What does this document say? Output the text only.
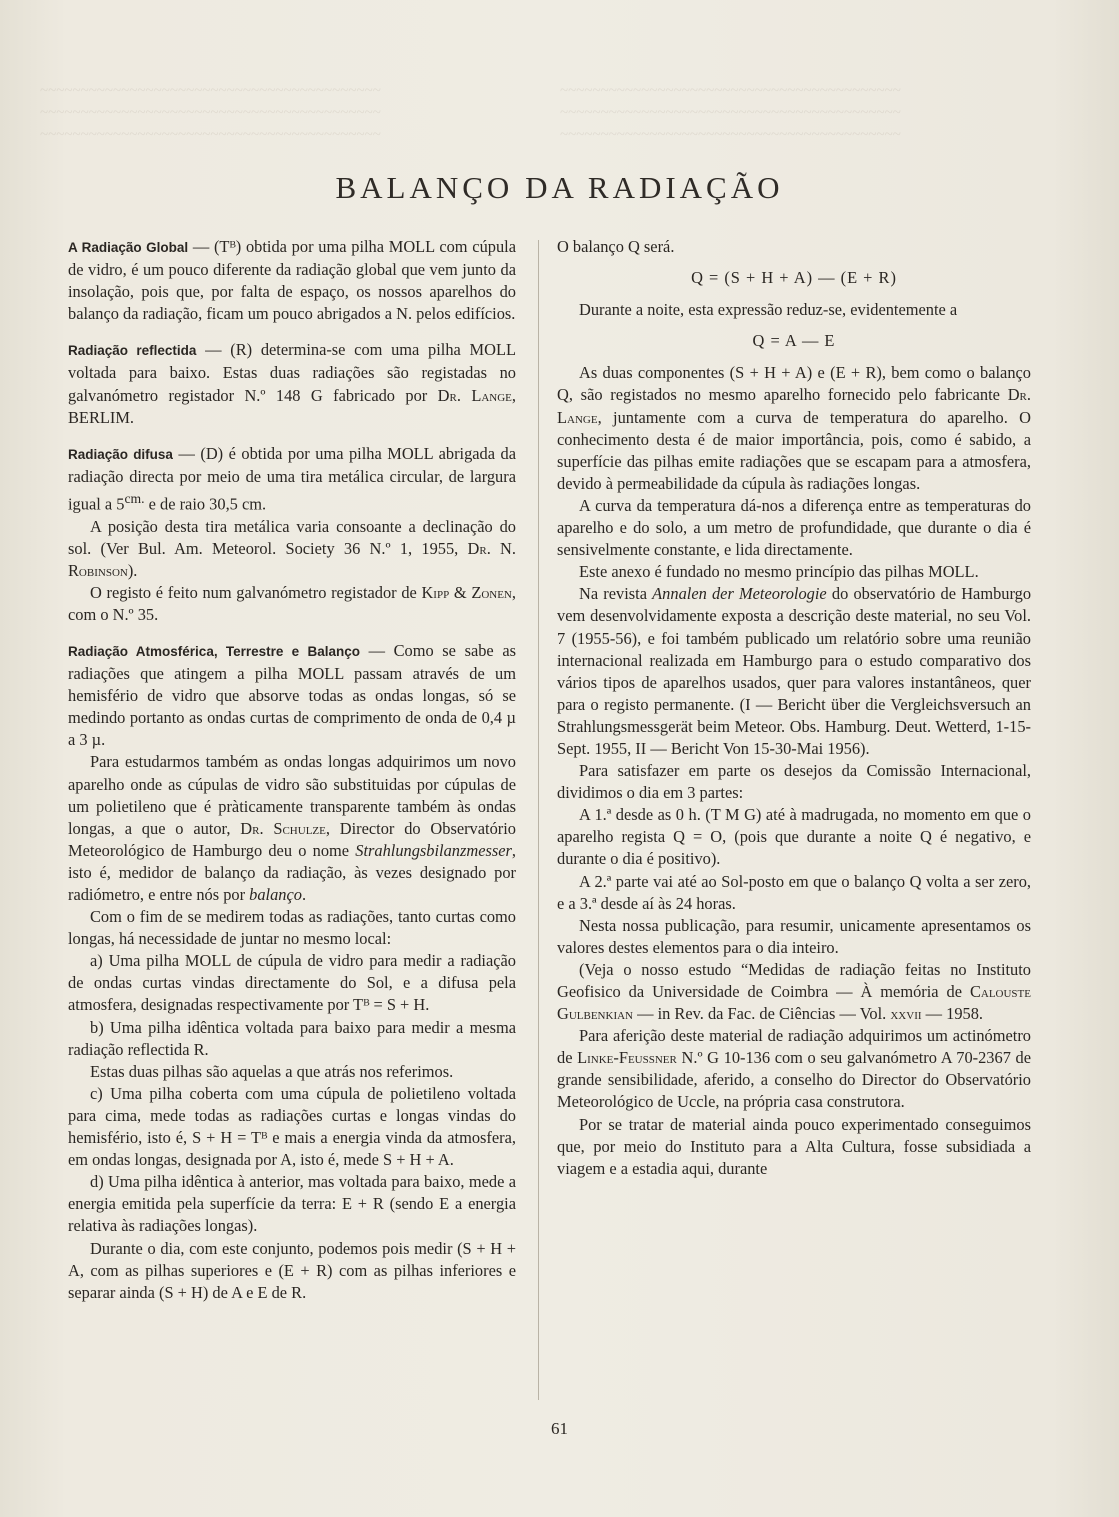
~~~~~~~~~~~~~~~~~~~~~~~~~~~~~~~~~~~~~~~~~~
~~~~~~~~~~~~~~~~~~~~~~~~~~~~~~~~~~~~~~~~~~
~~~~~~~~~~~~~~~~~~~~~~~~~~~~~~~~~~~~~~~~~~
~~~~~~~~~~~~~~~~~~~~~~~~~~~~~~~~~~~~~~~~~~
~~~~~~~~~~~~~~~~~~~~~~~~~~~~~~~~~~~~~~~~~~
~~~~~~~~~~~~~~~~~~~~~~~~~~~~~~~~~~~~~~~~~~
BALANÇO DA RADIAÇÃO

A Radiação Global — (Tᴮ) obtida por uma pilha MOLL com cúpula de vidro, é um pouco diferente da radiação global que vem junto da insolação, pois que, por falta de espaço, os nossos aparelhos do balanço da radiação, ficam um pouco abrigados a N. pelos edifícios.

Radiação reflectida — (R) determina-se com uma pilha MOLL voltada para baixo. Estas duas radiações são registadas no galvanómetro registador N.º 148 G fabricado por Dr. Lange, BERLIM.

Radiação difusa — (D) é obtida por uma pilha MOLL abrigada da radiação directa por meio de uma tira metálica circular, de largura igual a $5^{cm.}$ e de raio 30,5 cm.

A posição desta tira metálica varia consoante a declinação do sol. (Ver Bul. Am. Meteorol. Society 36 N.º 1, 1955, Dr. N. Robinson).

O registo é feito num galvanómetro registador de Kipp & Zonen, com o N.º 35.

Radiação Atmosférica, Terrestre e Balanço — Como se sabe as radiações que atingem a pilha MOLL passam através de um hemisfério de vidro que absorve todas as ondas longas, só se medindo portanto as ondas curtas de comprimento de onda de 0,4 µ a 3 µ.

Para estudarmos também as ondas longas adquirimos um novo aparelho onde as cúpulas de vidro são substituidas por cúpulas de um polietileno que é pràticamente transparente também às ondas longas, a que o autor, Dr. Schulze, Director do Observatório Meteorológico de Hamburgo deu o nome Strahlungsbilanzmesser, isto é, medidor de balanço da radiação, às vezes designado por radiómetro, e entre nós por balanço.

Com o fim de se medirem todas as radiações, tanto curtas como longas, há necessidade de juntar no mesmo local:

a) Uma pilha MOLL de cúpula de vidro para medir a radiação de ondas curtas vindas directamente do Sol, e a difusa pela atmosfera, designadas respectivamente por Tᴮ = S + H.

b) Uma pilha idêntica voltada para baixo para medir a mesma radiação reflectida R.

Estas duas pilhas são aquelas a que atrás nos referimos.

c) Uma pilha coberta com uma cúpula de polietileno voltada para cima, mede todas as radiações curtas e longas vindas do hemisfério, isto é, S + H = Tᴮ e mais a energia vinda da atmosfera, em ondas longas, designada por A, isto é, mede S + H + A.

d) Uma pilha idêntica à anterior, mas voltada para baixo, mede a energia emitida pela superfície da terra: E + R (sendo E a energia relativa às radiações longas).

Durante o dia, com este conjunto, podemos pois medir (S + H + A, com as pilhas superiores e (E + R) com as pilhas inferiores e separar ainda (S + H) de A e E de R.

O balanço Q será.

Q = (S + H + A) — (E + R)

Durante a noite, esta expressão reduz-se, evidentemente a

Q = A — E

As duas componentes (S + H + A) e (E + R), bem como o balanço Q, são registados no mesmo aparelho fornecido pelo fabricante Dr. Lange, juntamente com a curva de temperatura do aparelho. O conhecimento desta é de maior importância, pois, como é sabido, a superfície das pilhas emite radiações que se escapam para a atmosfera, devido à permeabilidade da cúpula às radiações longas.

A curva da temperatura dá-nos a diferença entre as temperaturas do aparelho e do solo, a um metro de profundidade, que durante o dia é sensivelmente constante, e lida directamente.

Este anexo é fundado no mesmo princípio das pilhas MOLL.

Na revista Annalen der Meteorologie do observatório de Hamburgo vem desenvolvidamente exposta a descrição deste material, no seu Vol. 7 (1955-56), e foi também publicado um relatório sobre uma reunião internacional realizada em Hamburgo para o estudo comparativo dos vários tipos de aparelhos usados, quer para valores instantâneos, quer para o registo permanente. (I — Bericht über die Vergleichsversuch an Strahlungsmessgerät beim Meteor. Obs. Hamburg. Deut. Wetterd, 1-15-Sept. 1955, II — Bericht Von 15-30-Mai 1956).

Para satisfazer em parte os desejos da Comissão Internacional, dividimos o dia em 3 partes:

A 1.ª desde as 0 h. (T M G) até à madrugada, no momento em que o aparelho regista Q = O, (pois que durante a noite Q é negativo, e durante o dia é positivo).

A 2.ª parte vai até ao Sol-posto em que o balanço Q volta a ser zero, e a 3.ª desde aí às 24 horas.

Nesta nossa publicação, para resumir, unicamente apresentamos os valores destes elementos para o dia inteiro.

(Veja o nosso estudo “Medidas de radiação feitas no Instituto Geofisico da Universidade de Coimbra — À memória de Calouste Gulbenkian — in Rev. da Fac. de Ciências — Vol. xxvii — 1958.

Para aferição deste material de radiação adquirimos um actinómetro de Linke-Feussner N.º G 10-136 com o seu galvanómetro A 70-2367 de grande sensibilidade, aferido, a conselho do Director do Observatório Meteorológico de Uccle, na própria casa construtora.

Por se tratar de material ainda pouco experimentado conseguimos que, por meio do Instituto para a Alta Cultura, fosse subsidiada a viagem e a estadia aqui, durante

61
